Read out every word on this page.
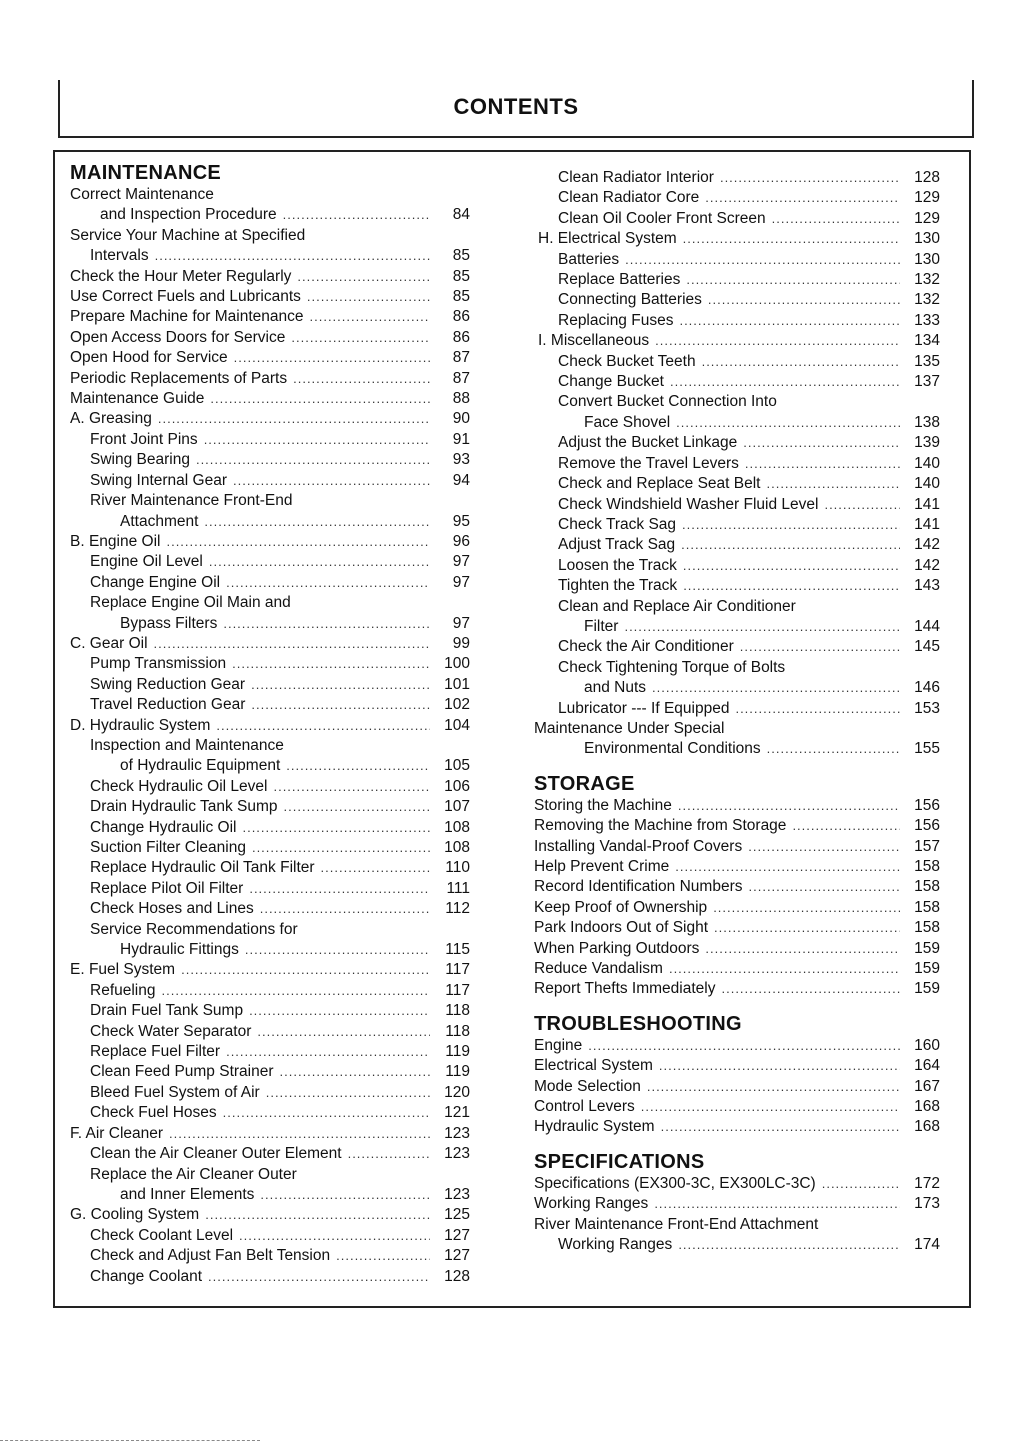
CONTENTS
MAINTENANCE
Correct Maintenance
and Inspection Procedure .....	84
Service Your Machine at Specified
Intervals .....	85
Check the Hour Meter Regularly .....	85
Use Correct Fuels and Lubricants .....	85
Prepare Machine for Maintenance .....	86
Open Access Doors for Service .....	86
Open Hood for Service .....	87
Periodic Replacements of Parts .....	87
Maintenance Guide .....	88
A. Greasing .....	90
Front Joint Pins .....	91
Swing Bearing .....	93
Swing Internal Gear .....	94
River Maintenance Front-End
Attachment .....	95
B. Engine Oil .....	96
Engine Oil Level .....	97
Change Engine Oil .....	97
Replace Engine Oil Main and
Bypass Filters .....	97
C. Gear Oil .....	99
Pump Transmission .....	100
Swing Reduction Gear .....	101
Travel Reduction Gear .....	102
D. Hydraulic System .....	104
Inspection and Maintenance
of Hydraulic Equipment .....	105
Check Hydraulic Oil Level .....	106
Drain Hydraulic Tank Sump .....	107
Change Hydraulic Oil .....	108
Suction Filter Cleaning .....	108
Replace Hydraulic Oil Tank Filter .....	110
Replace Pilot Oil Filter .....	111
Check Hoses and Lines .....	112
Service Recommendations for
Hydraulic Fittings .....	115
E. Fuel System .....	117
Refueling .....	117
Drain Fuel Tank Sump .....	118
Check Water Separator .....	118
Replace Fuel Filter .....	119
Clean Feed Pump Strainer .....	119
Bleed Fuel System of Air .....	120
Check Fuel Hoses .....	121
F. Air Cleaner .....	123
Clean the Air Cleaner Outer Element .....	123
Replace the Air Cleaner Outer
and Inner Elements .....	123
G. Cooling System .....	125
Check Coolant Level .....	127
Check and Adjust Fan Belt Tension .....	127
Change Coolant .....	128
Clean Radiator Interior .....	128
Clean Radiator Core .....	129
Clean Oil Cooler Front Screen .....	129
H. Electrical System .....	130
Batteries .....	130
Replace Batteries .....	132
Connecting Batteries .....	132
Replacing Fuses .....	133
I. Miscellaneous .....	134
Check Bucket Teeth .....	135
Change Bucket .....	137
Convert Bucket Connection Into
Face Shovel .....	138
Adjust the Bucket Linkage .....	139
Remove the Travel Levers .....	140
Check and Replace Seat Belt .....	140
Check Windshield Washer Fluid Level .....	141
Check Track Sag .....	141
Adjust Track Sag .....	142
Loosen the Track .....	142
Tighten the Track .....	143
Clean and Replace Air Conditioner
Filter .....	144
Check the Air Conditioner .....	145
Check Tightening Torque of Bolts
and Nuts .....	146
Lubricator --- If Equipped .....	153
Maintenance Under Special
Environmental Conditions .....	155
STORAGE
Storing the Machine .....	156
Removing the Machine from Storage .....	156
Installing Vandal-Proof Covers .....	157
Help Prevent Crime .....	158
Record Identification Numbers .....	158
Keep Proof of Ownership .....	158
Park Indoors Out of Sight .....	158
When Parking Outdoors .....	159
Reduce Vandalism .....	159
Report Thefts Immediately .....	159
TROUBLESHOOTING
Engine .....	160
Electrical System .....	164
Mode Selection .....	167
Control Levers .....	168
Hydraulic System .....	168
SPECIFICATIONS
Specifications (EX300-3C, EX300LC-3C) .....	172
Working Ranges .....	173
River Maintenance Front-End Attachment
Working Ranges .....	174
